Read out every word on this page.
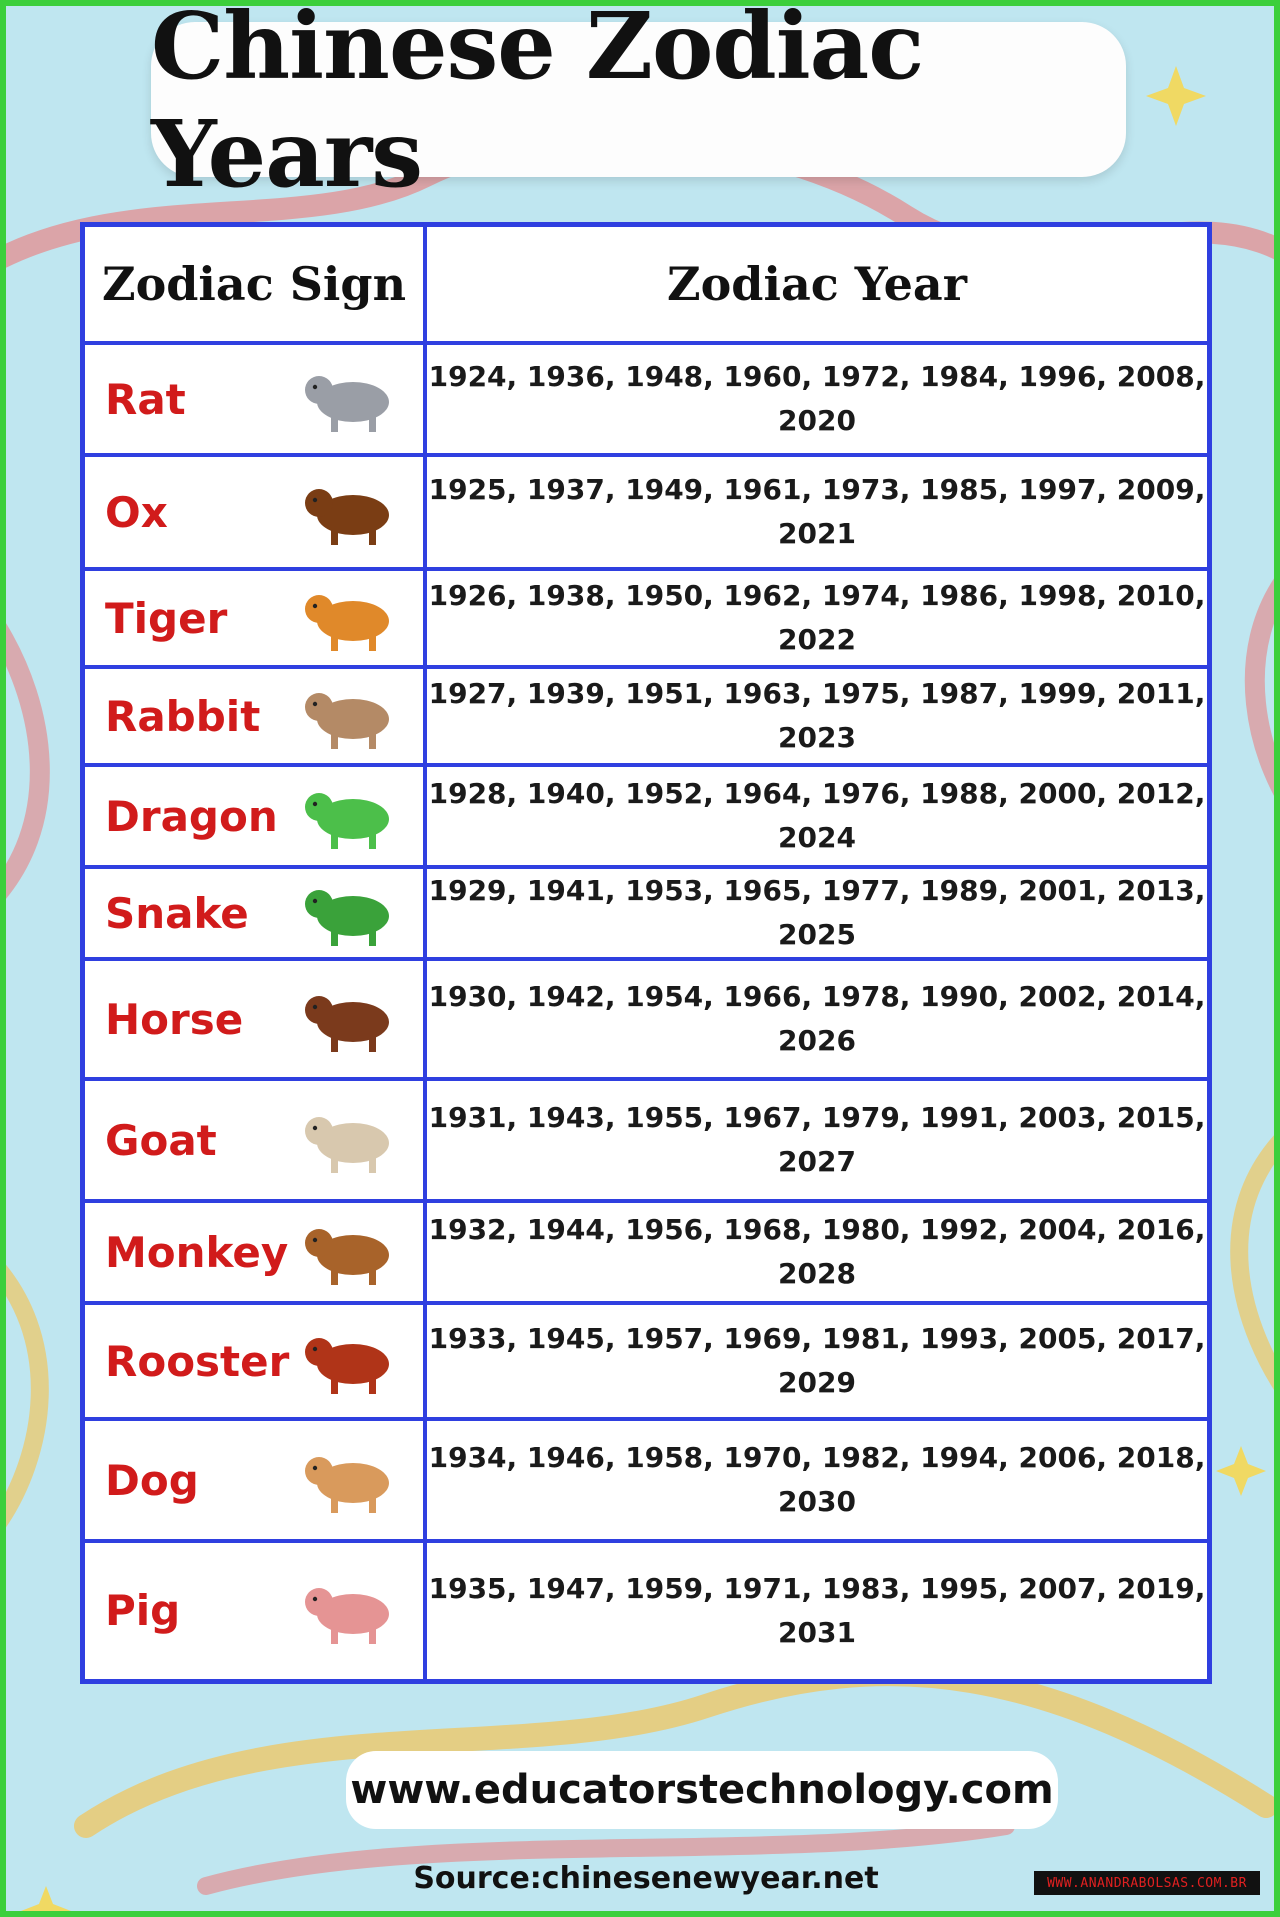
Chinese Zodiac Years
Zodiac Sign	Zodiac Year

Rat	1924, 1936, 1948, 1960, 1972, 1984, 1996, 2008, 2020

Ox	1925, 1937, 1949, 1961, 1973, 1985, 1997, 2009, 2021

Tiger	1926, 1938, 1950, 1962, 1974, 1986, 1998, 2010, 2022

Rabbit	1927, 1939, 1951, 1963, 1975, 1987, 1999, 2011, 2023

Dragon	1928, 1940, 1952, 1964, 1976, 1988, 2000, 2012, 2024

Snake	1929, 1941, 1953, 1965, 1977, 1989, 2001, 2013, 2025

Horse	1930, 1942, 1954, 1966, 1978, 1990, 2002, 2014, 2026

Goat	1931, 1943, 1955, 1967, 1979, 1991, 2003, 2015, 2027

Monkey	1932, 1944, 1956, 1968, 1980, 1992, 2004, 2016, 2028

Rooster	1933, 1945, 1957, 1969, 1981, 1993, 2005, 2017, 2029

Dog	1934, 1946, 1958, 1970, 1982, 1994, 2006, 2018, 2030

Pig	1935, 1947, 1959, 1971, 1983, 1995, 2007, 2019, 2031
www.educatorstechnology.com
Source:chinesenewyear.net	WWW.ANANDRABOLSAS.COM.BR
